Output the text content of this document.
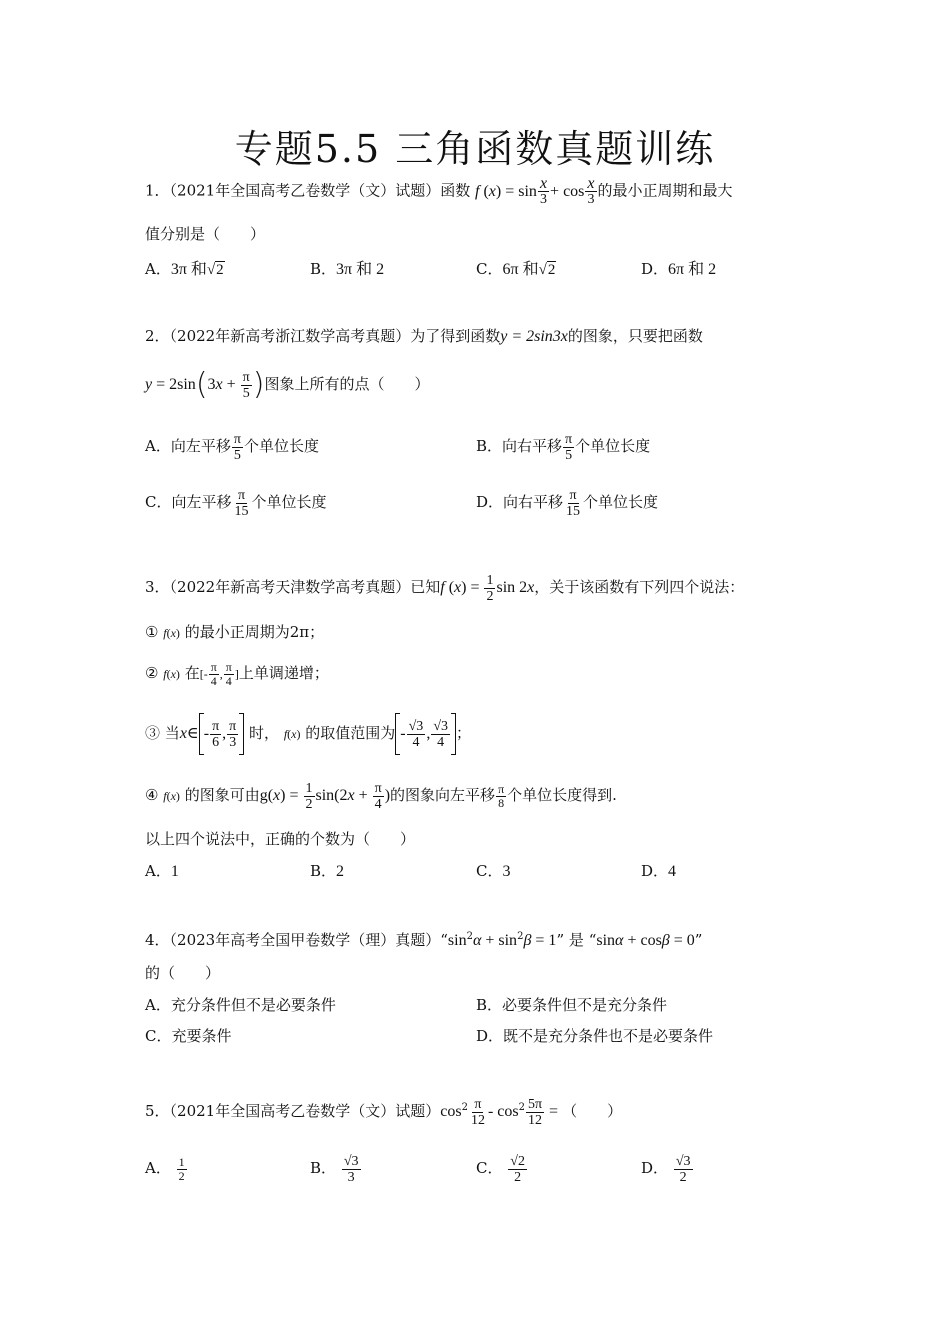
专题5.5 三角函数真题训练
1．（2021年全国高考乙卷数学（文）试题）函数 f $(x) = \sin \frac{x}{3} + \cos \frac{x}{3}$ 的最小正周期和最大
值分别是（　　）
A．3π 和√2	B．3π 和 2	C．6π 和√2	D．6π 和 2
2．（2022年新高考浙江数学高考真题）为了得到函数y = 2sin3x的图象，只要把函数
$y = 2\sin(3x + \frac{\pi}{5}$ )图象上所有的点（　　）
A．向左平移 $\frac{\pi}{5}$ 个单位长度	B．向右平移 $\frac{\pi}{5}$ 个单位长度
C．向左平移 $\frac{\pi}{15}$ 个单位长度	D．向右平移 $\frac{\pi}{15}$ 个单位长度
3．（2022年新高考天津数学高考真题）已知f $(x) = \frac{1}{2}$ sin 2x，关于该函数有下列四个说法：
① f(x) 的最小正周期为2π；
② f(x) 在[- $\frac{\pi}{4}$ , $\frac{\pi}{4}$ ]上单调递增；
③ 当x∈ - $\frac{\pi}{6}$ , $\frac{\pi}{3}$ 时， f(x) 的取值范围为 - $\frac{√3}{4}$ , $\frac{√3}{4}$ ；
④ f(x) 的图象可由$g(x) = \frac{1}{2} \sin(2x + \frac{\pi}{4}$ )的图象向左平移 $\frac{\pi}{8}$ 个单位长度得到.
以上四个说法中，正确的个数为（　　）
A．1	B．2	C．3	D．4
4．（2023年高考全国甲卷数学（理）真题）“$\sin^2\alpha + \sin^2\beta = 1$” 是 “sinα + cosβ = 0”
的（　　）
A．充分条件但不是必要条件	B．必要条件但不是充分条件
C．充要条件	D．既不是充分条件也不是必要条件
5．（2021年全国高考乙卷数学（文）试题）$\cos^2 \frac{\pi}{12} - \cos^2 \frac{5\pi}{12}$ = （　　）
A． $\frac{1}{2}$	B． $\frac{√3}{3}$	C． $\frac{√2}{2}$	D． $\frac{√3}{2}$
